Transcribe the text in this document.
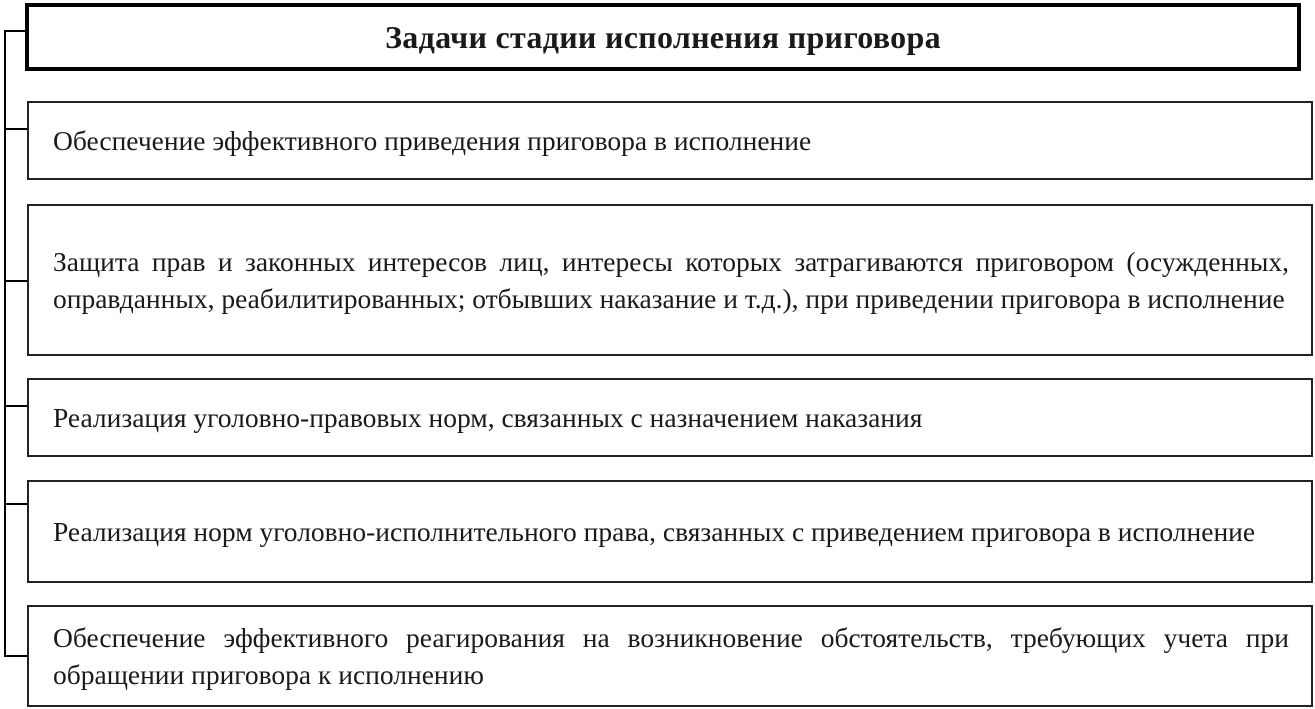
Задачи стадии исполнения приговора
Обеспечение эффективного приведения приговора в исполнение
Защита прав и законных интересов лиц, интересы которых затрагиваются приговором (осужденных, оправданных, реабилитированных; отбывших наказание и т.д.), при приведении приговора в исполнение
Реализация уголовно-правовых норм, связанных с назначением наказания
Реализация норм уголовно-исполнительного права, связанных с приведением приговора в исполнение
Обеспечение эффективного реагирования на возникновение обстоятельств, требующих учета при обращении приговора к исполнению
